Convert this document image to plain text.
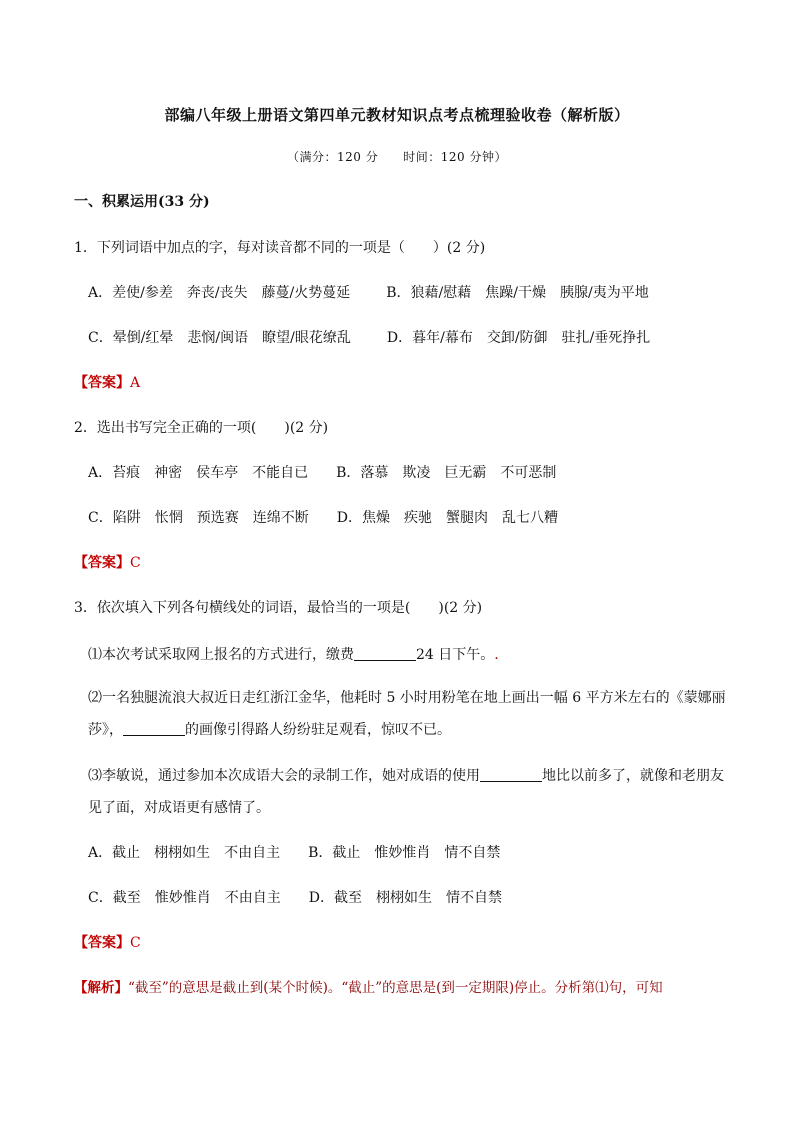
部编八年级上册语文第四单元教材知识点考点梳理验收卷（解析版）
（满分：120 分　　时间：120 分钟）
一、积累运用(33 分)
1．下列词语中加点的字，每对读音都不同的一项是（　　）(2 分)
A．差使/参差　奔丧/丧失　藤蔓/火势蔓延	B．狼藉/慰藉　焦躁/干燥　胰腺/夷为平地
C．晕倒/红晕　悲悯/闽语　瞭望/眼花缭乱	D．暮年/幕布　交卸/防御　驻扎/垂死挣扎
【答案】A
2．选出书写完全正确的一项(　　)(2 分)
A．苔痕　神密　侯车亭　不能自已 B．落慕　欺凌　巨无霸　不可恶制
C．陷阱　怅惘　预选赛　连绵不断 D．焦燥　疾驰　蟹腿肉　乱七八糟
【答案】C
3．依次填入下列各句横线处的词语，最恰当的一项是(　　)(2 分)
⑴本次考试采取网上报名的方式进行，缴费	24 日下午。.
⑵一名独腿流浪大叔近日走红浙江金华，他耗时 5 小时用粉笔在地上画出一幅 6 平方米左右的《蒙娜丽
莎》，	的画像引得路人纷纷驻足观看，惊叹不已。
⑶李敏说，通过参加本次成语大会的录制工作，她对成语的使用	地比以前多了，就像和老朋友
见了面，对成语更有感情了。
A．截止　栩栩如生　不由自主 B．截止　惟妙惟肖　情不自禁
C．截至　惟妙惟肖　不由自主 D．截至　栩栩如生　情不自禁
【答案】C
【解析】“截至”的意思是截止到(某个时候)。“截止”的意思是(到一定期限)停止。分析第⑴句，可知
